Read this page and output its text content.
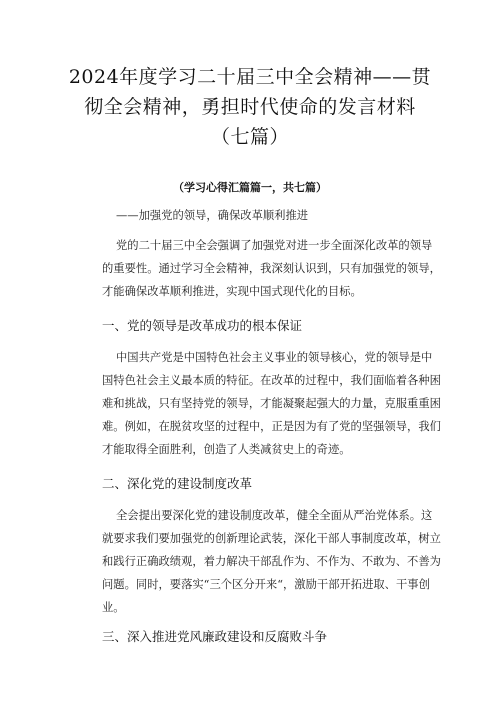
2024年度学习二十届三中全会精神——贯
彻全会精神，勇担时代使命的发言材料
（七篇）
（学习心得汇篇篇一，共七篇）
——加强党的领导，确保改革顺利推进
党的二十届三中全会强调了加强党对进一步全面深化改革的领导
的重要性。通过学习全会精神，我深刻认识到，只有加强党的领导，
才能确保改革顺利推进，实现中国式现代化的目标。
一、党的领导是改革成功的根本保证
中国共产党是中国特色社会主义事业的领导核心，党的领导是中
国特色社会主义最本质的特征。在改革的过程中，我们面临着各种困
难和挑战，只有坚持党的领导，才能凝聚起强大的力量，克服重重困
难。例如，在脱贫攻坚的过程中，正是因为有了党的坚强领导，我们
才能取得全面胜利，创造了人类减贫史上的奇迹。
二、深化党的建设制度改革
全会提出要深化党的建设制度改革，健全全面从严治党体系。这
就要求我们要加强党的创新理论武装，深化干部人事制度改革，树立
和践行正确政绩观，着力解决干部乱作为、不作为、不敢为、不善为
问题。同时，要落实“三个区分开来“，激励干部开拓进取、干事创
业。
三、深入推进党风廉政建设和反腐败斗争
